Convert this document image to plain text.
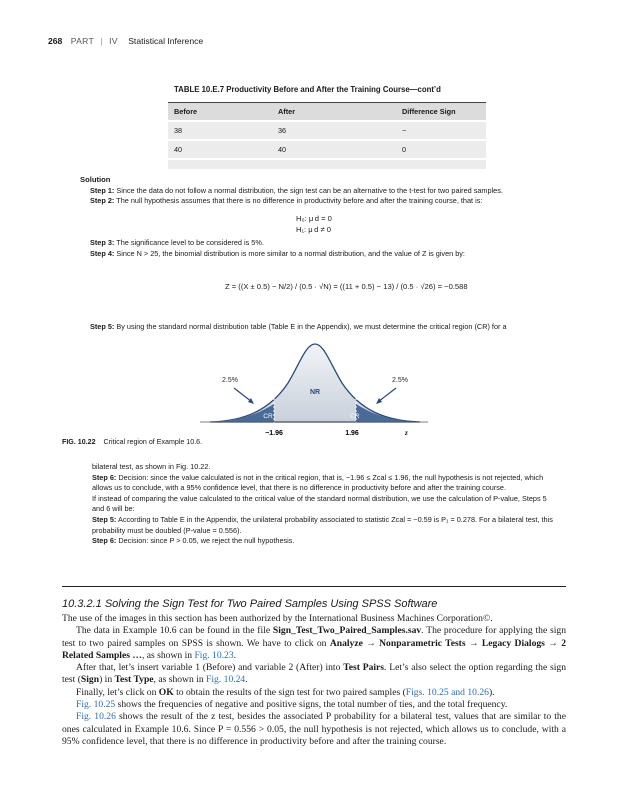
268 PART | IV Statistical Inference
TABLE 10.E.7 Productivity Before and After the Training Course—cont’d
Before	After	Difference Sign
38	36	−
40	40	0
Solution
Step 1: Since the data do not follow a normal distribution, the sign test can be an alternative to the t-test for two paired samples.
Step 2: The null hypothesis assumes that there is no difference in productivity before and after the training course, that is:
H₀: μ d = 0
H₁: μ d ≠ 0
Step 3: The significance level to be considered is 5%.
Step 4: Since N > 25, the binomial distribution is more similar to a normal distribution, and the value of Z is given by:
Z = ((X ± 0.5) − N/2) / (0.5 · √N) = ((11 + 0.5) − 13) / (0.5 · √26) = −0.588
Step 5: By using the standard normal distribution table (Table E in the Appendix), we must determine the critical region (CR) for a
2.5%	2.5%
NR
CR	CR
−1.96	1.96	z
FIG. 10.22 Critical region of Example 10.6.
bilateral test, as shown in Fig. 10.22.
Step 6: Decision: since the value calculated is not in the critical region, that is, −1.96 ≤ Zcal ≤ 1.96, the null hypothesis is not rejected, which allows us to conclude, with a 95% confidence level, that there is no difference in productivity before and after the training course.
If instead of comparing the value calculated to the critical value of the standard normal distribution, we use the calculation of P-value, Steps 5 and 6 will be:
Step 5: According to Table E in the Appendix, the unilateral probability associated to statistic Zcal = −0.59 is P₁ = 0.278. For a bilateral test, this probability must be doubled (P-value = 0.556).
Step 6: Decision: since P > 0.05, we reject the null hypothesis.
10.3.2.1 Solving the Sign Test for Two Paired Samples Using SPSS Software

The use of the images in this section has been authorized by the International Business Machines Corporation©.

The data in Example 10.6 can be found in the file Sign_Test_Two_Paired_Samples.sav. The procedure for applying the sign test to two paired samples on SPSS is shown. We have to click on Analyze → Nonparametric Tests → Legacy Dialogs → 2 Related Samples …, as shown in Fig. 10.23.

After that, let’s insert variable 1 (Before) and variable 2 (After) into Test Pairs. Let’s also select the option regarding the sign test (Sign) in Test Type, as shown in Fig. 10.24.

Finally, let’s click on OK to obtain the results of the sign test for two paired samples (Figs. 10.25 and 10.26).

Fig. 10.25 shows the frequencies of negative and positive signs, the total number of ties, and the total frequency.

Fig. 10.26 shows the result of the z test, besides the associated P probability for a bilateral test, values that are similar to the ones calculated in Example 10.6. Since P = 0.556 > 0.05, the null hypothesis is not rejected, which allows us to conclude, with a 95% confidence level, that there is no difference in productivity before and after the training course.
